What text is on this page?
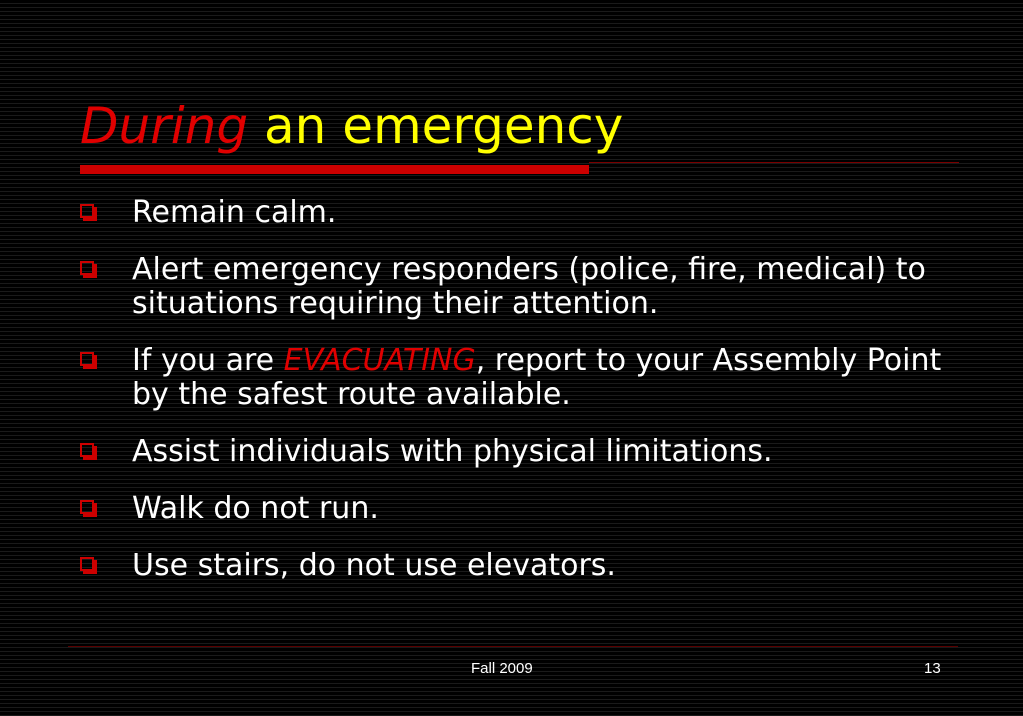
During an emergency
Remain calm.
Alert emergency responders (police, fire, medical) to situations requiring their attention.
If you are EVACUATING, report to your Assembly Point by the safest route available.
Assist individuals with physical limitations.
Walk do not run.
Use stairs, do not use elevators.
Fall 2009	13
